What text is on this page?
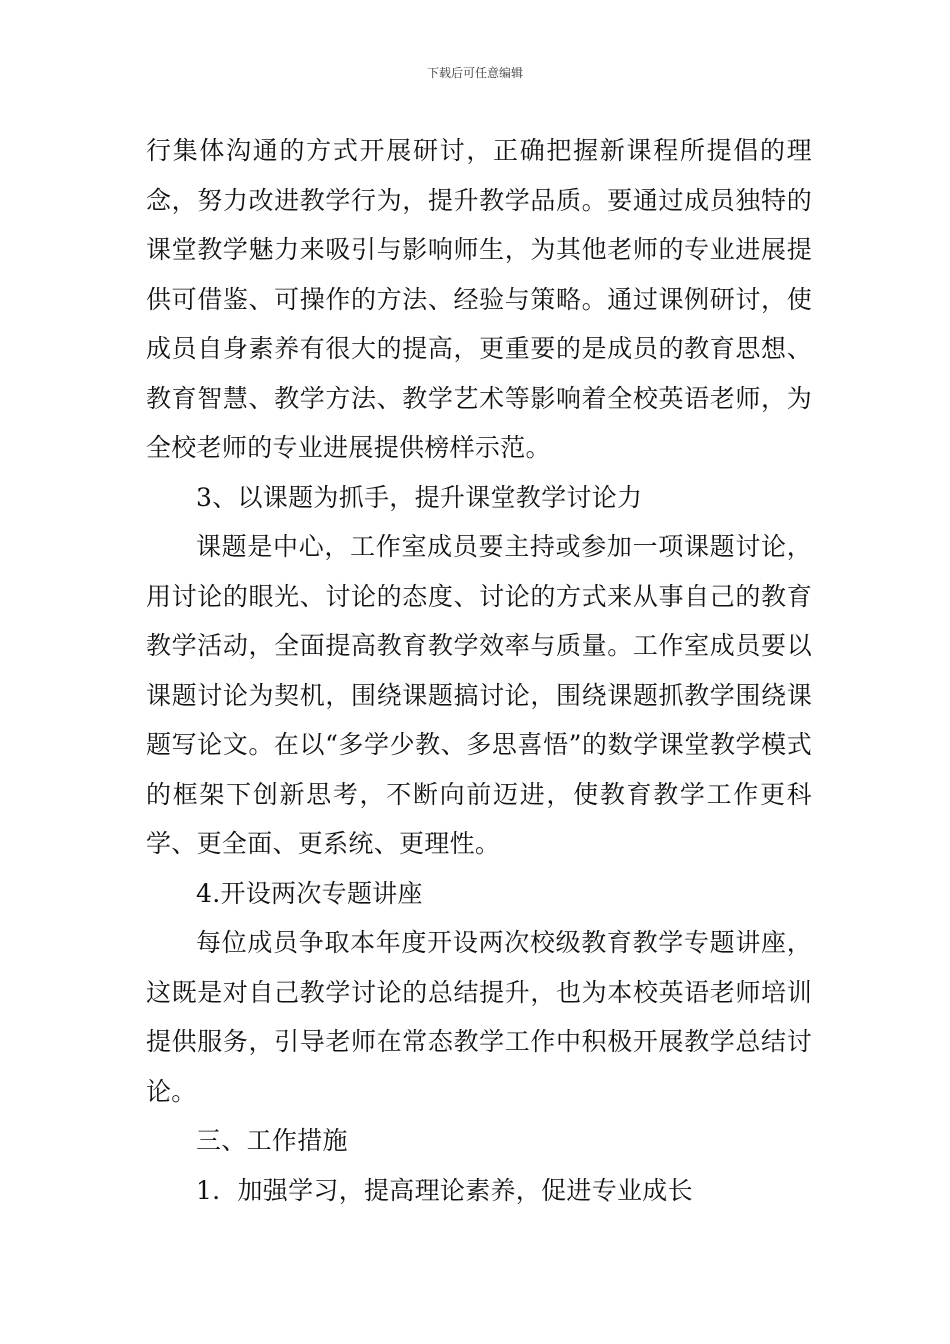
下载后可任意编辑

行集体沟通的方式开展研讨，正确把握新课程所提倡的理念，努力改进教学行为，提升教学品质。要通过成员独特的课堂教学魅力来吸引与影响师生，为其他老师的专业进展提供可借鉴、可操作的方法、经验与策略。通过课例研讨，使成员自身素养有很大的提高，更重要的是成员的教育思想、教育智慧、教学方法、教学艺术等影响着全校英语老师，为全校老师的专业进展提供榜样示范。

3、以课题为抓手，提升课堂教学讨论力

课题是中心，工作室成员要主持或参加一项课题讨论，用讨论的眼光、讨论的态度、讨论的方式来从事自己的教育教学活动，全面提高教育教学效率与质量。工作室成员要以课题讨论为契机，围绕课题搞讨论，围绕课题抓教学围绕课题写论文。在以“多学少教、多思喜悟”的数学课堂教学模式的框架下创新思考，不断向前迈进，使教育教学工作更科学、更全面、更系统、更理性。

4.开设两次专题讲座

每位成员争取本年度开设两次校级教育教学专题讲座，这既是对自己教学讨论的总结提升，也为本校英语老师培训提供服务，引导老师在常态教学工作中积极开展教学总结讨论。

三、工作措施

1．加强学习，提高理论素养，促进专业成长
